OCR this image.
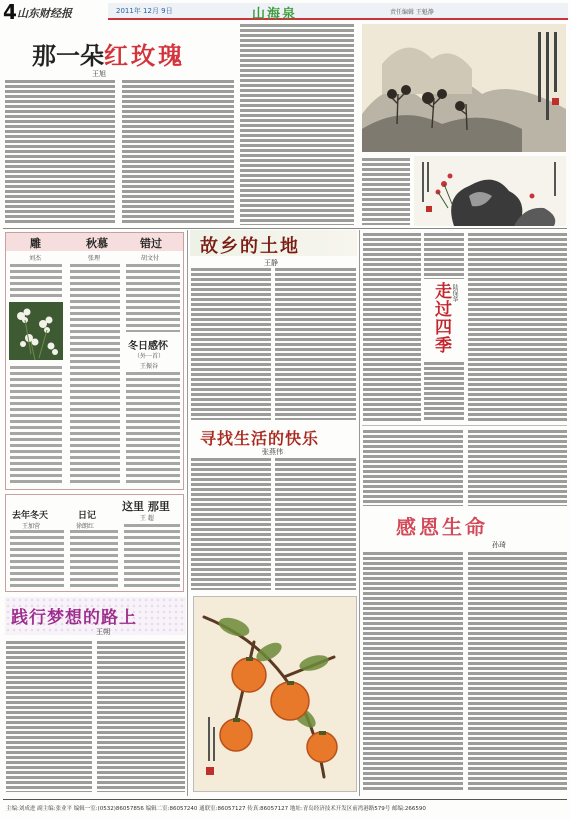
4 山东财经报	2011年 12月 9日	山海泉	责任编辑 王魁静
那一朵红玫瑰
王旭
雕	秋慕	错过
刘杰	张理	胡文付
冬日感怀
（外一首）
王振谷
去年冬天
王加营
日记
徐朗红
这里 那里
王 超
故乡的土地
王静
寻找生活的快乐
张燕伟
走过四季 陆保华
感恩生命
孙琦
践行梦想的路上
王朔
主编:刘成进 副主编:张业平 编辑一室:(0532)86057856 编辑二室:86057240 通联室:86057127 传真:86057127 地址:青岛经济技术开发区前湾港路579号 邮编:266590
